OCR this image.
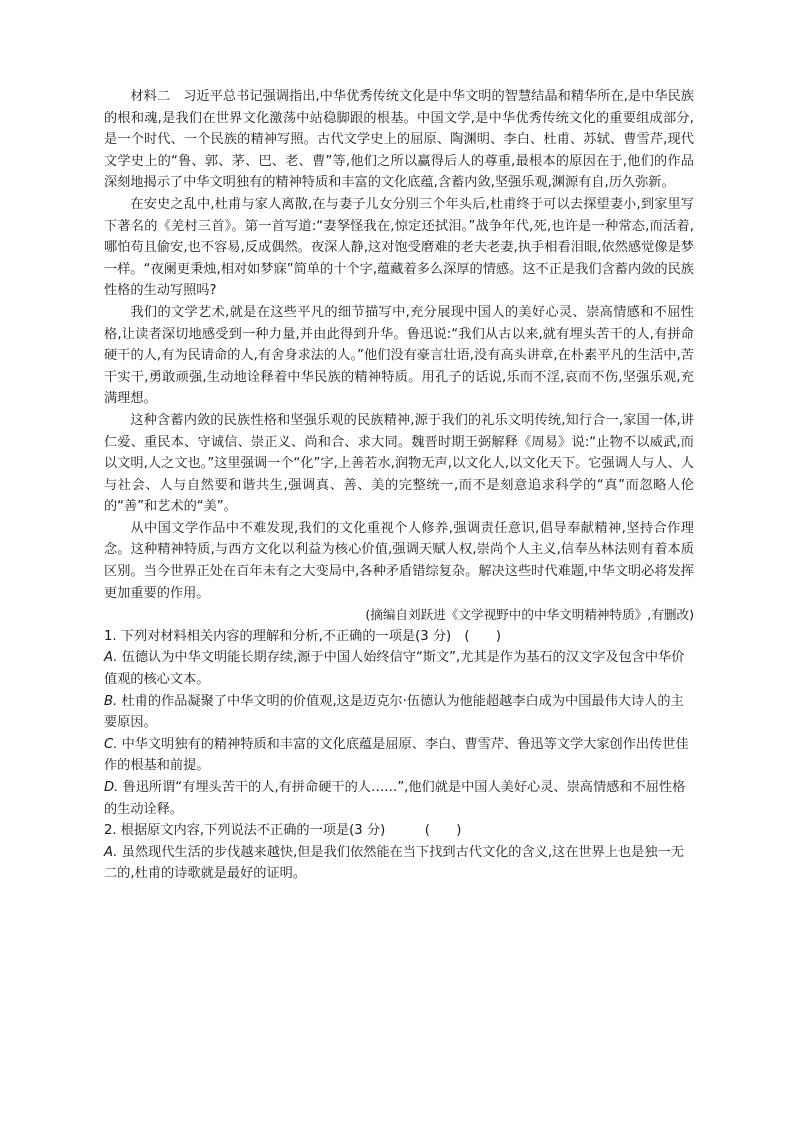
材料二　习近平总书记强调指出,中华优秀传统文化是中华文明的智慧结晶和精华所在,是中华民族的根和魂,是我们在世界文化激荡中站稳脚跟的根基。中国文学,是中华优秀传统文化的重要组成部分,是一个时代、一个民族的精神写照。古代文学史上的屈原、陶渊明、李白、杜甫、苏轼、曹雪芹,现代文学史上的“鲁、郭、茅、巴、老、曹”等,他们之所以赢得后人的尊重,最根本的原因在于,他们的作品深刻地揭示了中华文明独有的精神特质和丰富的文化底蕴,含蓄内敛,坚强乐观,渊源有自,历久弥新。

在安史之乱中,杜甫与家人离散,在与妻子儿女分别三个年头后,杜甫终于可以去探望妻小,到家里写下著名的《羌村三首》。第一首写道:“妻孥怪我在,惊定还拭泪。”战争年代,死,也许是一种常态,而活着,哪怕苟且偷安,也不容易,反成偶然。夜深人静,这对饱受磨难的老夫老妻,执手相看泪眼,依然感觉像是梦一样。“夜阑更秉烛,相对如梦寐”简单的十个字,蕴藏着多么深厚的情感。这不正是我们含蓄内敛的民族性格的生动写照吗?

我们的文学艺术,就是在这些平凡的细节描写中,充分展现中国人的美好心灵、崇高情感和不屈性格,让读者深切地感受到一种力量,并由此得到升华。鲁迅说:“我们从古以来,就有埋头苦干的人,有拼命硬干的人,有为民请命的人,有舍身求法的人。”他们没有豪言壮语,没有高头讲章,在朴素平凡的生活中,苦干实干,勇敢顽强,生动地诠释着中华民族的精神特质。用孔子的话说,乐而不淫,哀而不伤,坚强乐观,充满理想。

这种含蓄内敛的民族性格和坚强乐观的民族精神,源于我们的礼乐文明传统,知行合一,家国一体,讲仁爱、重民本、守诚信、崇正义、尚和合、求大同。魏晋时期王弼解释《周易》说:“止物不以威武,而以文明,人之文也。”这里强调一个“化”字,上善若水,润物无声,以文化人,以文化天下。它强调人与人、人与社会、人与自然要和谐共生,强调真、善、美的完整统一,而不是刻意追求科学的“真”而忽略人伦的“善”和艺术的“美”。

从中国文学作品中不难发现,我们的文化重视个人修养,强调责任意识,倡导奉献精神,坚持合作理念。这种精神特质,与西方文化以利益为核心价值,强调天赋人权,崇尚个人主义,信奉丛林法则有着本质区别。当今世界正处在百年未有之大变局中,各种矛盾错综复杂。解决这些时代难题,中华文明必将发挥更加重要的作用。

(摘编自刘跃进《文学视野中的中华文明精神特质》,有删改)

1. 下列对材料相关内容的理解和分析,不正确的一项是(3 分)　(　　)

A. 伍德认为中华文明能长期存续,源于中国人始终信守“斯文”,尤其是作为基石的汉文字及包含中华价值观的核心文本。

B. 杜甫的作品凝聚了中华文明的价值观,这是迈克尔·伍德认为他能超越李白成为中国最伟大诗人的主要原因。

C. 中华文明独有的精神特质和丰富的文化底蕴是屈原、李白、曹雪芹、鲁迅等文学大家创作出传世佳作的根基和前提。

D. 鲁迅所谓“有埋头苦干的人,有拼命硬干的人……”,他们就是中国人美好心灵、崇高情感和不屈性格的生动诠释。

2. 根据原文内容,下列说法不正确的一项是(3 分)　　　(　　)

A. 虽然现代生活的步伐越来越快,但是我们依然能在当下找到古代文化的含义,这在世界上也是独一无二的,杜甫的诗歌就是最好的证明。
